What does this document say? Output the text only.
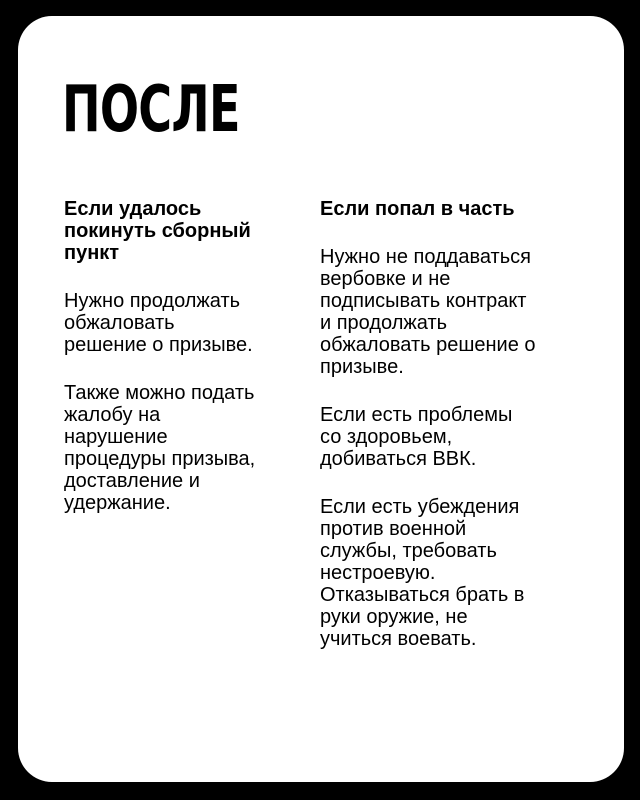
ПОСЛЕ

Если удалось
покинуть сборный
пункт

Нужно продолжать
обжаловать
решение о призыве.

Также можно подать
жалобу на
нарушение
процедуры призыва,
доставление и
удержание.

Если попал в часть

Нужно не поддаваться
вербовке и не
подписывать контракт
и продолжать
обжаловать решение о
призыве.

Если есть проблемы
со здоровьем,
добиваться ВВК.

Если есть убеждения
против военной
службы, требовать
нестроевую.
Отказываться брать в
руки оружие, не
учиться воевать.
